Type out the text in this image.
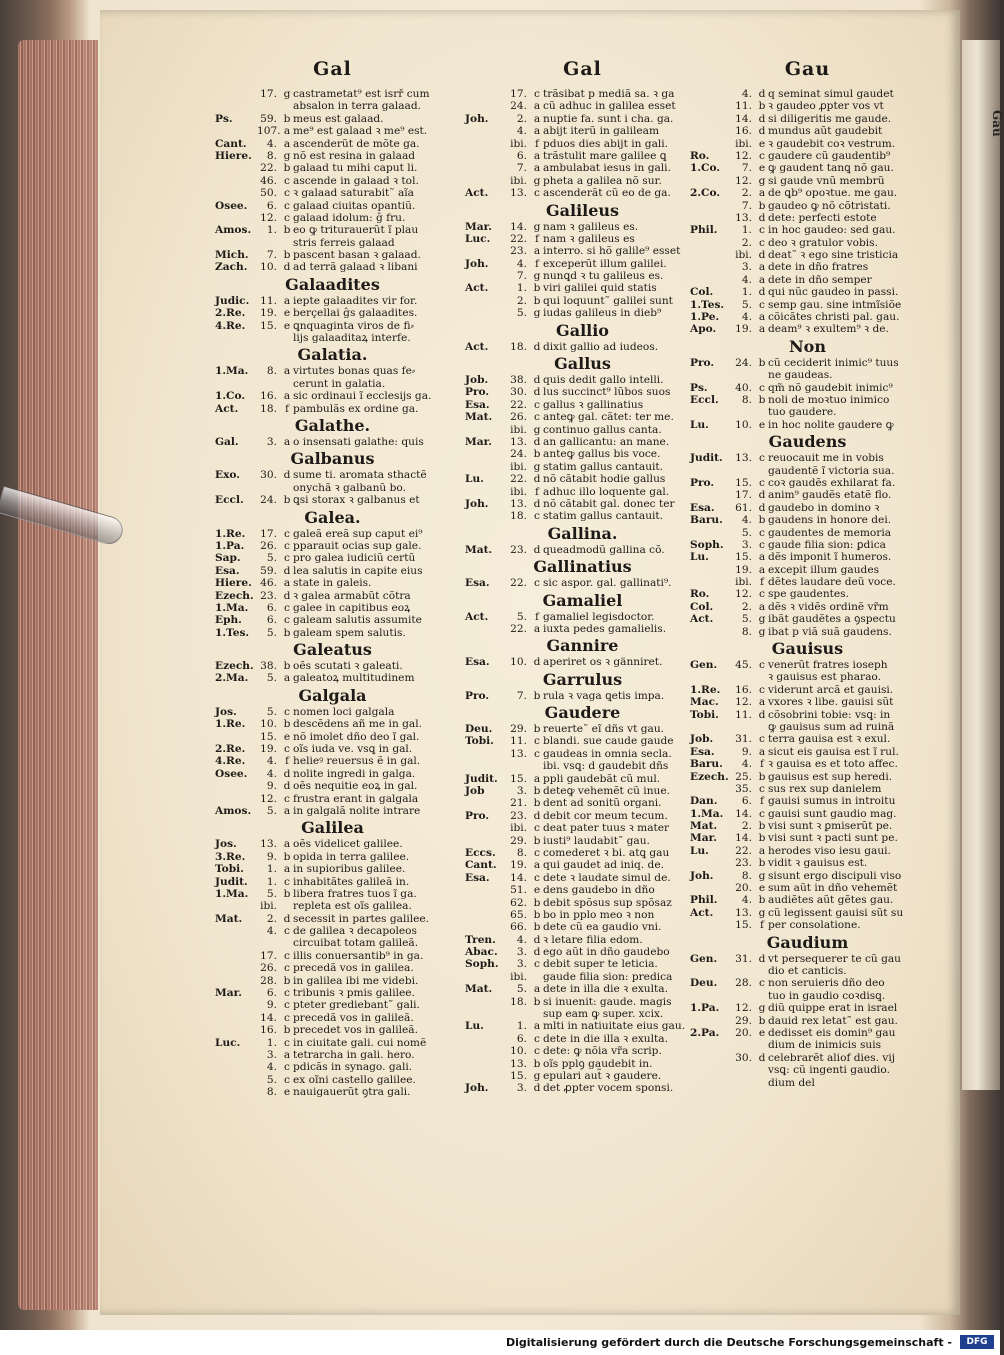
Gau
Gal
17. g castrametat⁹ est isrř cum
absalon in terra galaad.
Ps.	59. b meus est galaad.
107. a me⁹ est galaad ꝛ me⁹ est.
Cant.	4. a ascenderũt de mõte ga.
Hiere.	8. g nõ est resina in galaad
22. b galaad tu mihi caput li.
46. c ascende in galaad ꝛ tol.
50. c ꝛ galaad saturabit˜ aĩa
Osee.	6. c galaad ciuitas opantiũ.
12. c galaad idolum: ĝ fru.
Amos.	1. b eo ꝙ triturauerũt ĩ plau
stris ferreis galaad
Mich.	7. b pascent basan ꝛ galaad.
Zach.	10. d ad terrã galaad ꝛ libani
Galaadites
Judic.	11. a iepte galaadites vir for.
2.Re.	19. e berçellai ĝs galaadites.
4.Re.	15. e ꝗnquaginta viros de fi⸗
lijs galaaditaꝝ interfe.
Galatia.
1.Ma.	8. a virtutes bonas quas fe⸗
cerunt in galatia.
1.Co.	16. a sic ordinaui ĩ ecclesijs ga.
Act.	18. f pambulãs ex ordine ga.
Galathe.
Gal.	3. a o insensati galathe: quis
Galbanus
Exo.	30. d sume ti. aromata sthactẽ
onychã ꝛ galbanũ bo.
Eccl.	24. b ꝗsi storax ꝛ galbanus et
Galea.
1.Re.	17. c galeã ereã sup caput ei⁹
1.Pa.	26. c pparauit ocias sup gale.
Sap.	5. c pro galea iudiciũ certũ
Esa.	59. d lea salutis in capite eius
Hiere. 46. a state in galeis.
Ezech. 23. d ꝛ galea armabũt cõtra
1.Ma.	6. c galee in capitibus eoꝝ
Eph.	6. c galeam salutis assumite
1.Tes.	5. b galeam spem salutis.
Galeatus
Ezech. 38. b oẽs scutati ꝛ galeati.
2.Ma.	5. a galeatoꝝ multitudinem
Galgala
Jos.	5. c nomen loci galgala
1.Re.	10. b descẽdens añ me in gal.
15. e nõ imolet dño deo ĩ gal.
2.Re.	19. c oĩs iuda ve. vsꝗ in gal.
4.Re.	4. f helieꝰ reuersus ẽ in gal.
Osee.	4. d nolite ingredi in galga.
9. d oẽs nequitie eoꝝ in gal.
12. c frustra erant in galgala
Amos.	5. a in galgalã nolite intrare
Galilea
Jos.	13. a oẽs videlicet galilee.
3.Re.	9. b opida in terra galilee.
Tobi.	1. a in supioribus galilee.
Judit.	1. c inhabitãtes galileã in.
1.Ma.	5. b libera fratres tuos ĩ ga.
ibi.	repleta est oĩs galilea.
Mat.	2. d secessit in partes galilee.
4. c de galilea ꝛ decapoleos
circuibat totam galileã.
17. c illis conuersantib⁹ in ga.
26. c precedã vos in galilea.
28. b in galilea ibi me videbi.
Mar.	6. c tribunis ꝛ pmis galilee.
9. c pteter grediebant˜ gali.
14. c precedã vos in galileã.
16. b precedet vos in galileã.
Luc.	1. c in ciuitate gali. cui nomẽ
3. a tetrarcha in gali. hero.
4. c pdicãs in synago. gali.
5. c ex oĩni castello galilee.
8. e nauigauerũt ꝯtra gali.
Gal
17. c trãsibat p mediã sa. ꝛ ga
24. a cũ adhuc in galilea esset
Joh.	2. a nuptie fa. sunt i cha. ga.
4. a abijt iterũ in galileam
ibi. f pduos dies abijt in gali.
6. a trãstulit mare galilee ꝗ
7. a ambulabat iesus in gali.
ibi. g pheta a galilea nõ sur.
Act.	13. c ascenderãt cũ eo de ga.
Galileus
Mar.	14. g nam ꝛ galileus es.
Luc.	22. f nam ꝛ galileus es
23. a interro. si hõ galile⁹ esset
Joh.	4. f exceperũt illum galilei.
7. g nunꝗd ꝛ tu galileus es.
Act.	1. b viri galilei quid statis
2. b qui loquunt˜ galilei sunt
5. g iudas galileus in dieb⁹
Gallio
Act.	18. d dixit gallio ad iudeos.
Gallus
Job.	38. d quis dedit gallo intelli.
Pro.	30. d lus succinct⁹ lũbos suos
Esa.	22. c gallus ꝛ gallinatius
Mat.	26. c anteꝙ gal. cãtet: ter me.
ibi. g continuo gallus canta.
Mar.	13. d an gallicantu: an mane.
24. b anteꝙ gallus bis voce.
ibi. g statim gallus cantauit.
Lu.	22. d nõ cãtabit hodie gallus
ibi. f adhuc illo loquente gal.
Joh.	13. d nõ cãtabit gal. donec ter
18. c statim gallus cantauit.
Gallina.
Mat.	23. d queadmodũ gallina cõ.
Gallinatius
Esa.	22. c sic aspor. gal. gallinati⁹.
Gamaliel
Act.	5. f gamaliel legisdoctor.
22. a iuxta pedes gamalielis.
Gannire
Esa.	10. d aperiret os ꝛ gänniret.
Garrulus
Pro.	7. b rula ꝛ vaga ꝗetis impa.
Gaudere
Deu.	29. b reuerte˜ eĩ dñs vt gau.
Tobi.	11. c blandi. sue caude gaude
13. c gaudeas in omnia secla.
ibi. vsꝗ: d gaudebit dñs
Judit.	15. a ppli gaudebãt cũ mul.
Job	3. b deteꝙ vehemẽt cũ inue.
21. b dent ad sonitũ organi.
Pro.	23. d debit cor meum tecum.
ibi. c deat pater tuus ꝛ mater
29. b iusti⁹ laudabit˜ gau.
Eccs.	8. c comederet ꝛ bi. atꝗ gau
Cant.	19. a qui gaudet ad iniq. de.
Esa.	14. c dete ꝛ laudate simul de.
51. e dens gaudebo in dño
62. b debit spõsus sup spõsaz
65. b bo in pplo meo ꝛ non
66. b dete cũ ea gaudio vni.
Tren.	4. d ꝛ letare filia edom.
Abac.	3. d ego aũt in dño gaudebo
Soph.	3. c debit super te leticia.
ibi.	gaude filia sion: predica
Mat.	5. a dete in illa die ꝛ exulta.
18. b si inuenit: gaude. magis
sup eam ꝙ super. xcix.
Lu.	1. a mlti in natiuitate eius gau.
6. c dete in die illa ꝛ exulta.
10. c dete: ꝙ nõia vr̃a scrip.
13. b oĩs pplꝯ gaudebit in.
15. g epulari aut̃ ꝛ gaudere.
Joh.	3. d det ꝓpter vocem sponsi.
Gau
4. d q seminat simul gaudet
11. b ꝛ gaudeo ꝓpter vos vt
14. d si diligeritis me gaude.
16. d mundus aũt gaudebit
ibi. e ꝛ gaudebit coꝛ vestrum.
Ro.	12. c gaudere cũ gaudentib⁹
1.Co.	7. e ꝙ gaudent tanꝗ nõ gau.
12. g si gaude vnũ membrũ
2.Co.	2. a de ꝗb⁹ opoꝛtue. me gau.
7. b gaudeo ꝙ nõ cõtristati.
13. d dete: perfecti estote
Phil.	1. c in hoc gaudeo: sed gau.
2. c deo ꝛ gratulor vobis.
ibi. d deat˜ ꝛ ego sine tristicia
3. a dete in dño fratres
4. a dete in dño semper
Col.	1. d qui nũc gaudeo in passi.
1.Tes.	5. c semp gau. sine intmĩsiõe
1.Pe.	4. a cõicãtes christi pal. gau.
Apo.	19. a deam⁹ ꝛ exultem⁹ ꝛ de.
Non
Pro.	24. b cũ ceciderit inimic⁹ tuus
ne gaudeas.
Ps.	40. c qm̃ nõ gaudebit inimic⁹
Eccl.	8. b noli de moꝛtuo inimico
tuo gaudere.
Lu.	10. e in hoc nolite gaudere ꝙ
Gaudens
Judit.	13. c reuocauit me in vobis
gaudentẽ ĩ victoria sua.
Pro.	15. c coꝛ gaudẽs exhilarat fa.
17. d anim⁹ gaudẽs etatẽ flo.
Esa.	61. d gaudebo in domino ꝛ
Baru.	4. b gaudens in honore dei.
5. c gaudentes de memoria
Soph.	3. c gaude filia sion: ꝑdica
Lu.	15. a dẽs imponit ĩ humeros.
19. a excepit illum gaudes
ibi. f dẽtes laudare deũ voce.
Ro.	12. c spe gaudentes.
Col.	2. a dẽs ꝛ vidẽs ordinẽ vr̃m
Act.	5. g ibãt gaudẽtes a ꝯspectu
8. g ibat p viã suã gaudens.
Gauisus
Gen.	45. c venerũt fratres ioseph
ꝛ gauisus est pharao.
1.Re.	16. c viderunt arcã et gauisi.
Mac.	12. a vxores ꝛ libe. gauisi sũt
Tobi.	11. d cõsobrini tobie: vsꝗ: in
ꝙ gauisus sum ad ruinã
Job.	31. c terra gauisa est ꝛ exul.
Esa.	9. a sicut eis gauisa est ĩ rul.
Baru.	4. f ꝛ gauisa es et toto affec.
Ezech. 25. b gauisus est sup heredi.
35. c sus rex sup danielem
Dan.	6. f gauisi sumus in introitu
1.Ma.	14. c gauisi sunt gaudio mag.
Mat.	2. b visi sunt ꝛ ꝑmiserũt pe.
Mar.	14. b visi sunt ꝛ pacti sunt pe.
Lu.	22. a herodes viso iesu gaui.
23. b vidit ꝛ gauisus est.
Joh.	8. g sisunt ergo discipuli viso
20. e sum aũt in dño vehemẽt
Phil.	4. b audiẽtes aũt gẽtes gau.
Act.	13. g cũ legissent gauisi sũt su
15. f per consolatione.
Gaudium
Gen.	31. d vt persequerer te cũ gau
dio et canticis.
Deu.	28. c non seruieris dño deo
tuo in gaudio coꝛdisꝗ.
1.Pa.	12. g diũ quippe erat in israel
29. b dauid rex letat˜ est gau.
2.Pa.	20. e dedisset eis domin⁹ gau
dium de inimicis suis
30. d celebrarẽt aliof dies. vij
vsꝗ: cũ ingenti gaudio.
dium del
Digitalisierung gefördert durch die Deutsche Forschungsgemeinschaft -	DFG
